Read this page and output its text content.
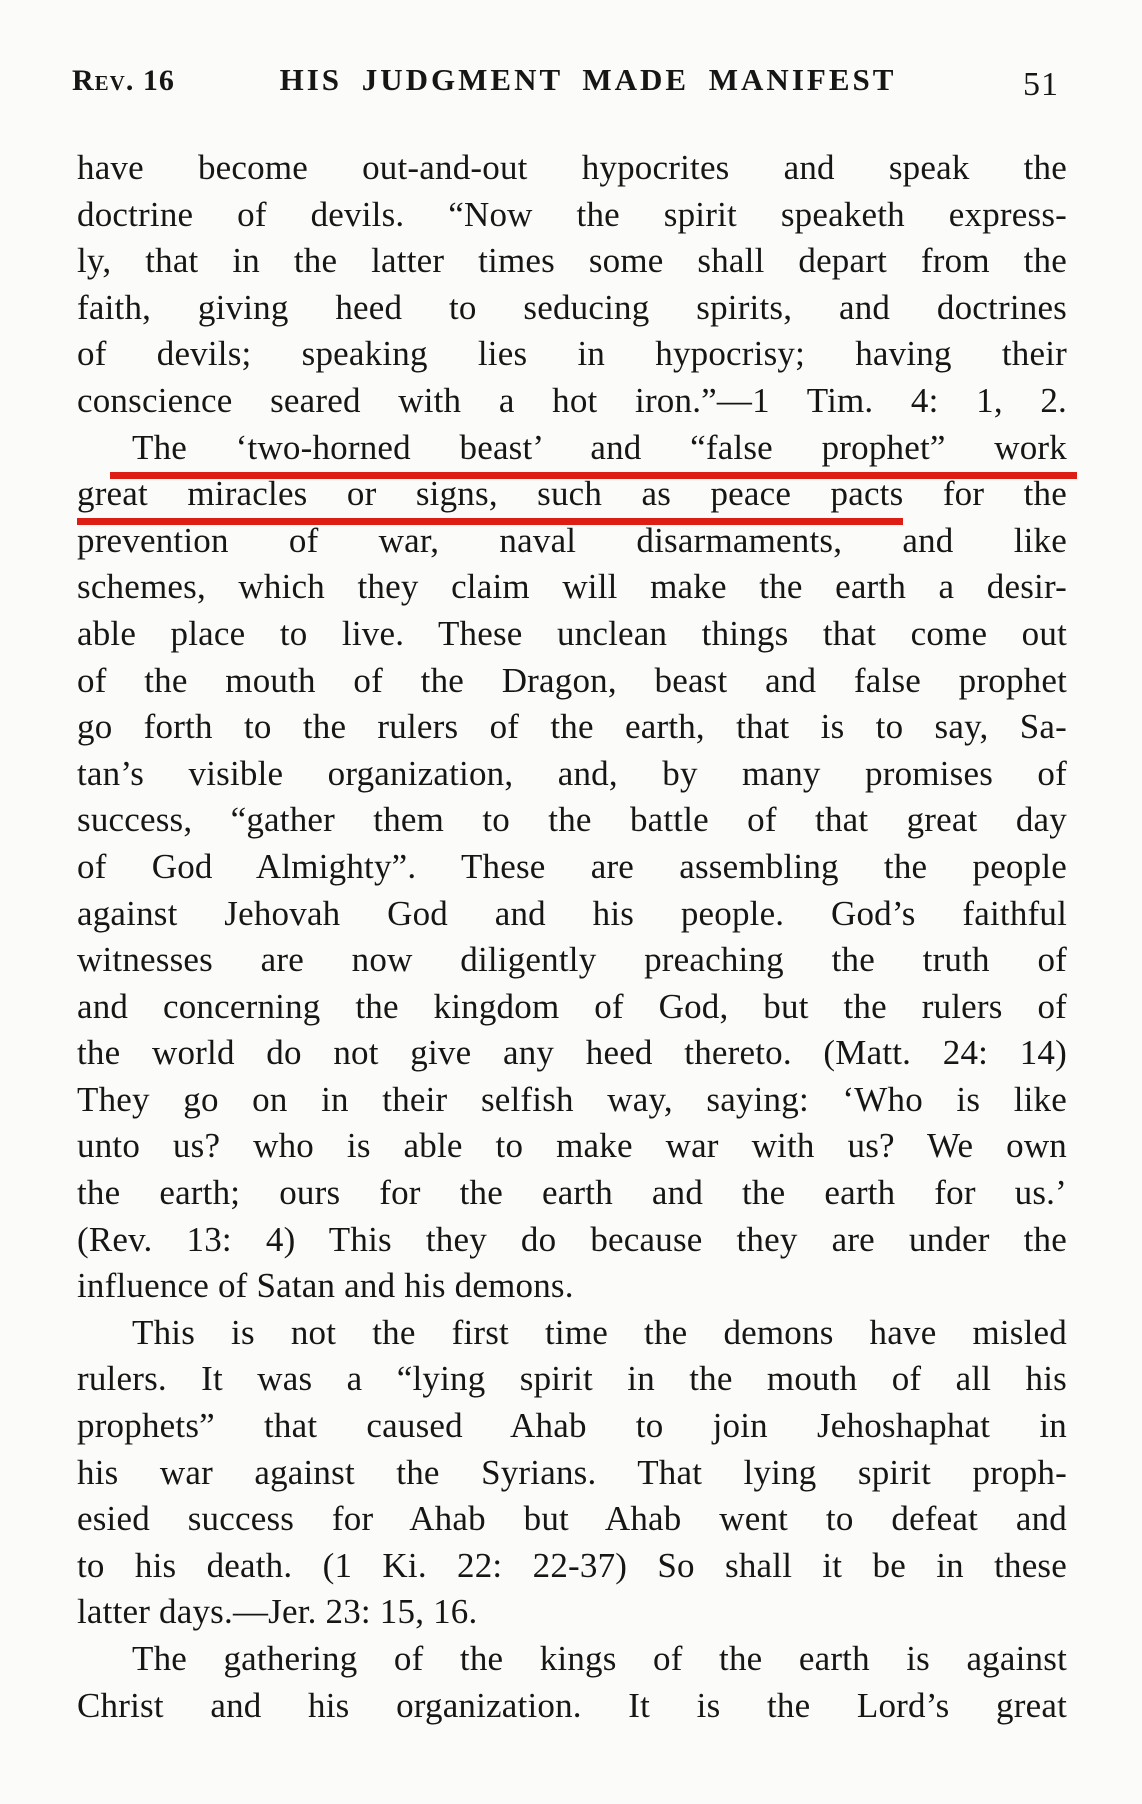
Rev. 16	HIS JUDGMENT MADE MANIFEST	51
have become out-and-out hypocrites and speak the
doctrine of devils. “Now the spirit speaketh express-
ly, that in the latter times some shall depart from the
faith, giving heed to seducing spirits, and doctrines
of devils; speaking lies in hypocrisy; having their
conscience seared with a hot iron.”—1 Tim. 4: 1, 2.
The ‘two-horned beast’ and “false prophet” work
great miracles or signs, such as peace pacts for the
prevention of war, naval disarmaments, and like
schemes, which they claim will make the earth a desir-
able place to live. These unclean things that come out
of the mouth of the Dragon, beast and false prophet
go forth to the rulers of the earth, that is to say, Sa-
tan’s visible organization, and, by many promises of
success, “gather them to the battle of that great day
of God Almighty”. These are assembling the people
against Jehovah God and his people. God’s faithful
witnesses are now diligently preaching the truth of
and concerning the kingdom of God, but the rulers of
the world do not give any heed thereto. (Matt. 24: 14)
They go on in their selfish way, saying: ‘Who is like
unto us? who is able to make war with us? We own
the earth; ours for the earth and the earth for us.’
(Rev. 13: 4) This they do because they are under the
influence of Satan and his demons.
This is not the first time the demons have misled
rulers. It was a “lying spirit in the mouth of all his
prophets” that caused Ahab to join Jehoshaphat in
his war against the Syrians. That lying spirit proph-
esied success for Ahab but Ahab went to defeat and
to his death. (1 Ki. 22: 22-37) So shall it be in these
latter days.—Jer. 23: 15, 16.
The gathering of the kings of the earth is against
Christ and his organization. It is the Lord’s great
